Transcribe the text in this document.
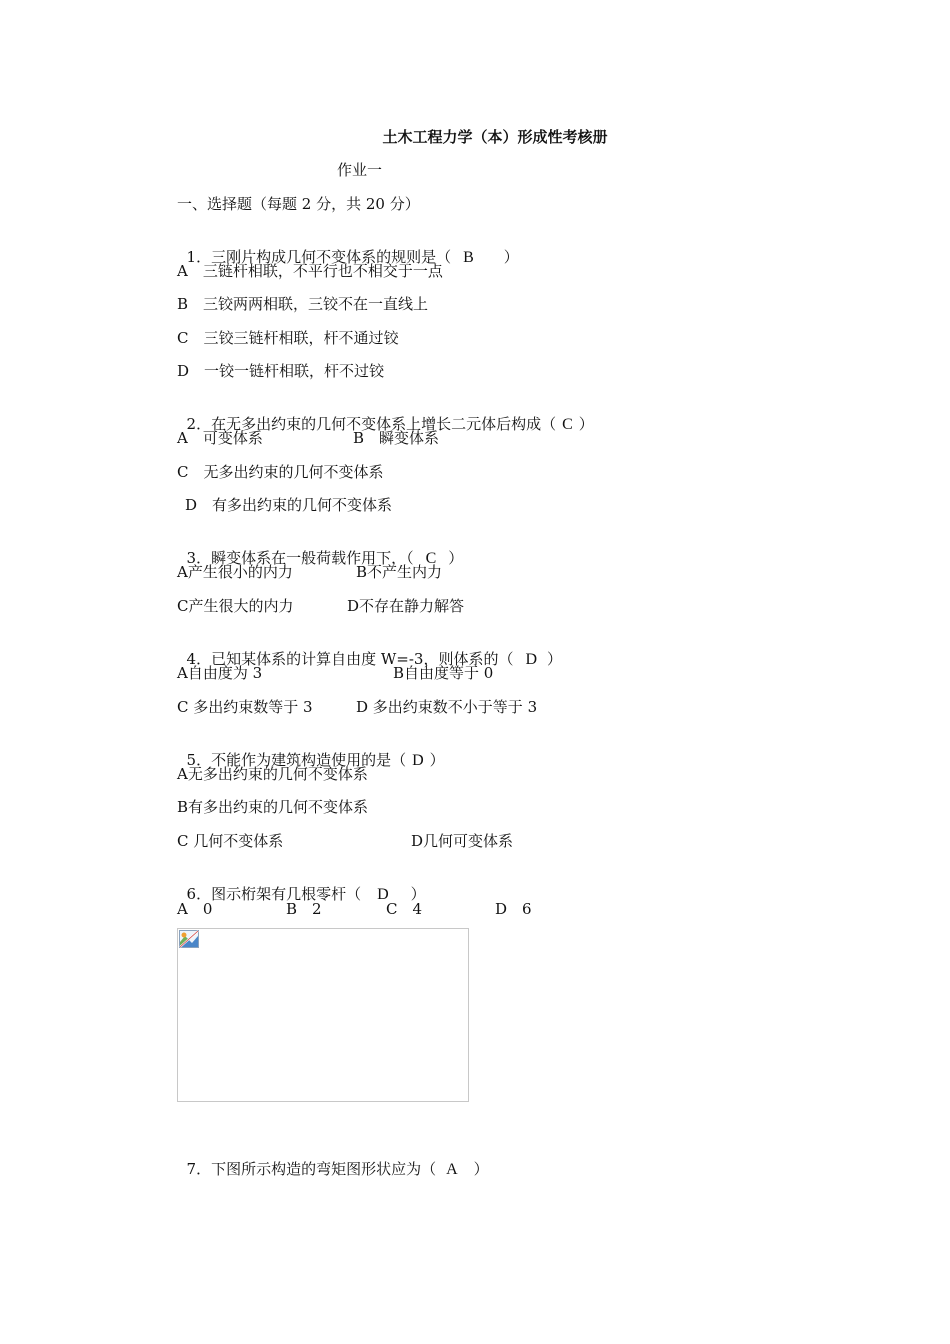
土木工程力学（本）形成性考核册
作业一
一、选择题（每题 2 分，共 20 分）

1．三刚片构成几何不变体系的规则是（ B ）

A　三链杆相联，不平行也不相交于一点
B　三铰两两相联，三铰不在一直线上
C　三铰三链杆相联，杆不通过铰
D　一铰一链杆相联，杆不过铰

2．在无多出约束的几何不变体系上增长二元体后构成（ C ）

A　可变体系	B　瞬变体系
C　无多出约束的几何不变体系
D　有多出约束的几何不变体系

3．瞬变体系在一般荷载作用下，（ C ）

A产生很小的内力	B不产生内力
C产生很大的内力	D不存在静力解答

4．已知某体系的计算自由度 W=-3，则体系的（ D ）

A自由度为 3	B自由度等于 0
C 多出约束数等于 3	D 多出约束数不小于等于 3

5．不能作为建筑构造使用的是（ D ）

A无多出约束的几何不变体系
B有多出约束的几何不变体系
C 几何不变体系	D几何可变体系

6．图示桁架有几根零杆（ D ）

A　0	B　2	C　4	D　6

7．下图所示构造的弯矩图形状应为（ A ）
